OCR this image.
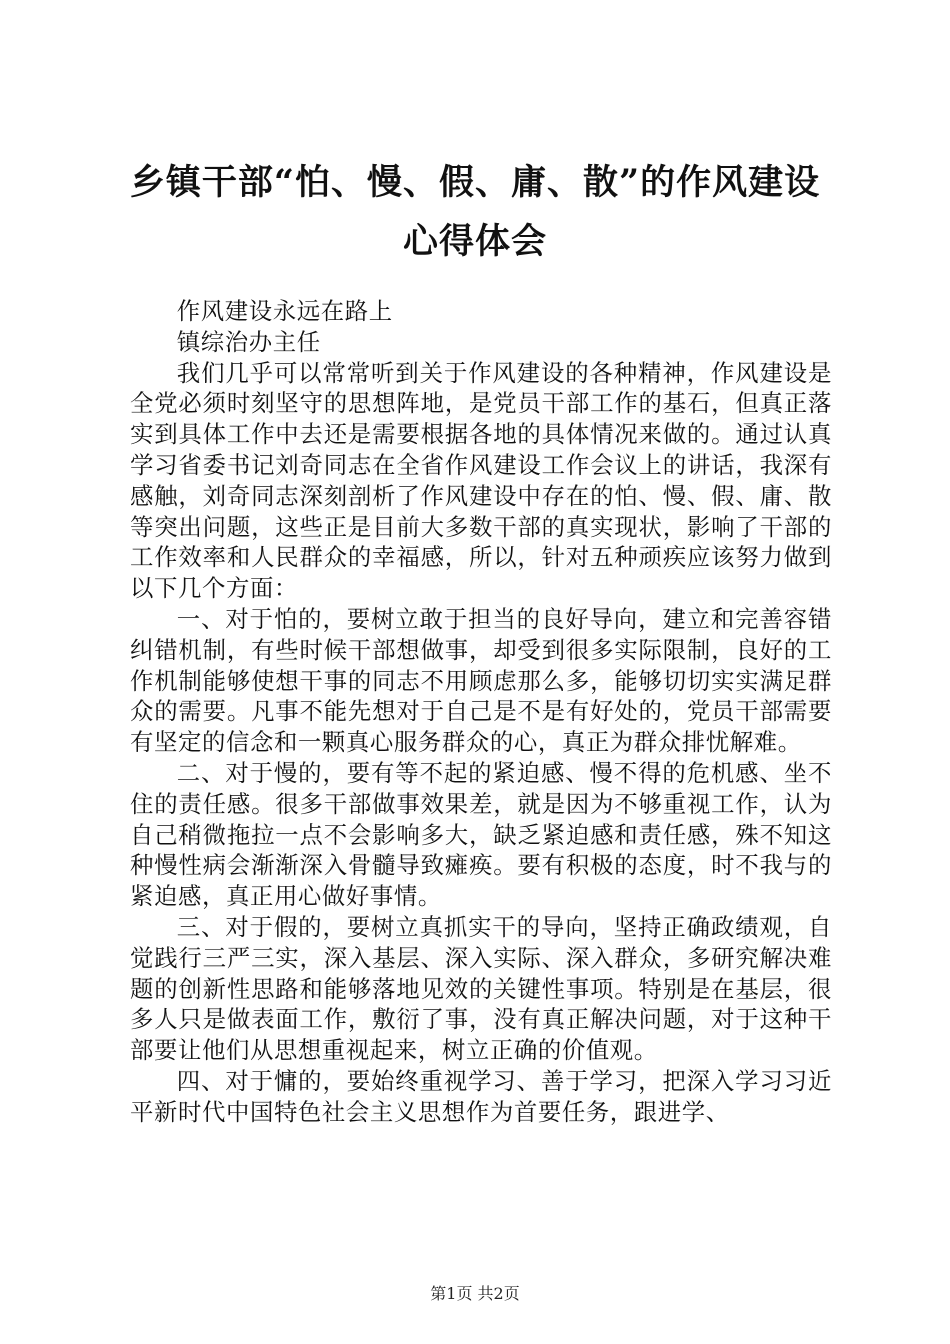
乡镇干部“怕、慢、假、庸、散”的作风建设
心得体会

作风建设永远在路上

镇综治办主任

我们几乎可以常常听到关于作风建设的各种精神，作风建设是全党必须时刻坚守的思想阵地，是党员干部工作的基石，但真正落实到具体工作中去还是需要根据各地的具体情况来做的。通过认真学习省委书记刘奇同志在全省作风建设工作会议上的讲话，我深有感触，刘奇同志深刻剖析了作风建设中存在的怕、慢、假、庸、散等突出问题，这些正是目前大多数干部的真实现状，影响了干部的工作效率和人民群众的幸福感，所以，针对五种顽疾应该努力做到以下几个方面：

一、对于怕的，要树立敢于担当的良好导向，建立和完善容错纠错机制，有些时候干部想做事，却受到很多实际限制，良好的工作机制能够使想干事的同志不用顾虑那么多，能够切切实实满足群众的需要。凡事不能先想对于自己是不是有好处的，党员干部需要有坚定的信念和一颗真心服务群众的心，真正为群众排忧解难。

二、对于慢的，要有等不起的紧迫感、慢不得的危机感、坐不住的责任感。很多干部做事效果差，就是因为不够重视工作，认为自己稍微拖拉一点不会影响多大，缺乏紧迫感和责任感，殊不知这种慢性病会渐渐深入骨髓导致瘫痪。要有积极的态度，时不我与的紧迫感，真正用心做好事情。

三、对于假的，要树立真抓实干的导向，坚持正确政绩观，自觉践行三严三实，深入基层、深入实际、深入群众，多研究解决难题的创新性思路和能够落地见效的关键性事项。特别是在基层，很多人只是做表面工作，敷衍了事，没有真正解决问题，对于这种干部要让他们从思想重视起来，树立正确的价值观。

四、对于慵的，要始终重视学习、善于学习，把深入学习习近平新时代中国特色社会主义思想作为首要任务，跟进学、

第1页 共2页
